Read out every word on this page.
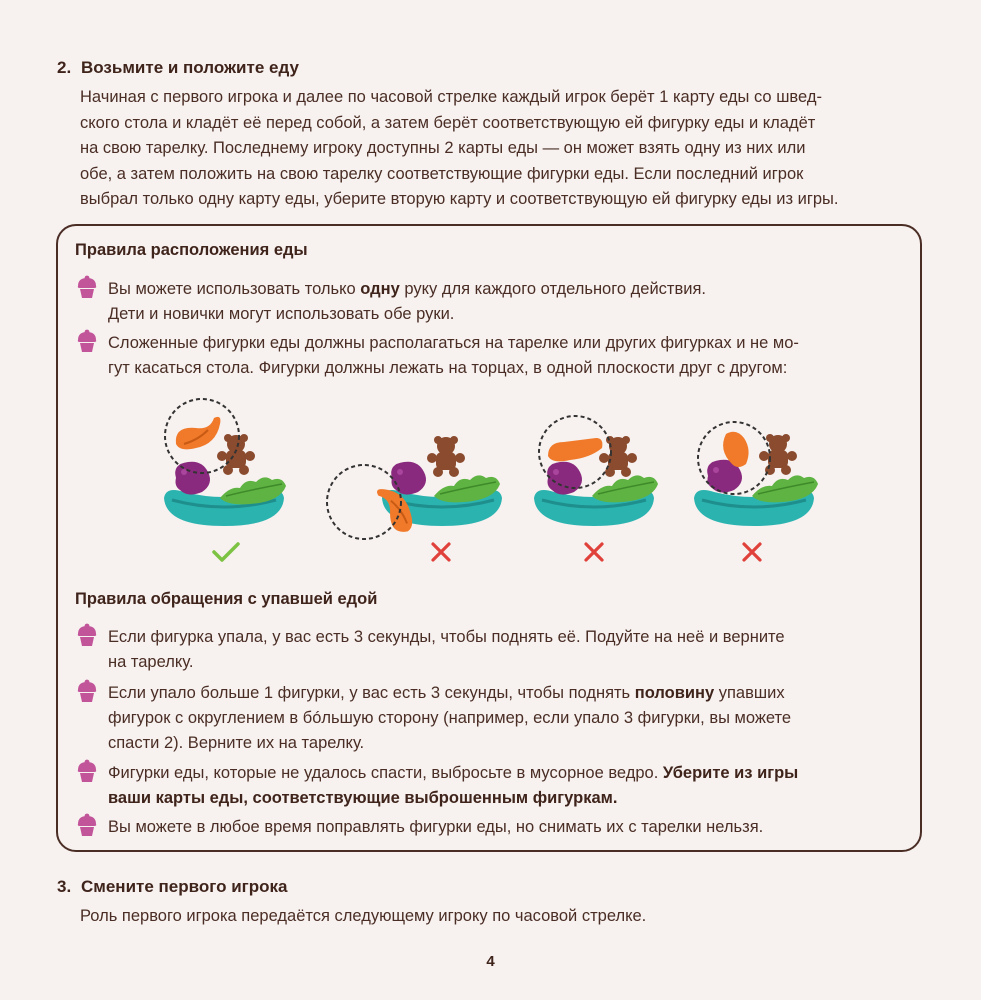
2. Возьмите и положите еду
Начиная с первого игрока и далее по часовой стрелке каждый игрок берёт 1 карту еды со швед-
ского стола и кладёт её перед собой, а затем берёт соответствующую ей фигурку еды и кладёт
на свою тарелку. Последнему игроку доступны 2 карты еды — он может взять одну из них или
обе, а затем положить на свою тарелку соответствующие фигурки еды. Если последний игрок
выбрал только одну карту еды, уберите вторую карту и соответствующую ей фигурку еды из игры.
Правила расположения еды
Вы можете использовать только одну руку для каждого отдельного действия.
Дети и новички могут использовать обе руки.
Сложенные фигурки еды должны располагаться на тарелке или других фигурках и не мо-
гут касаться стола. Фигурки должны лежать на торцах, в одной плоскости друг с другом:
Правила обращения с упавшей едой
Если фигурка упала, у вас есть 3 секунды, чтобы поднять её. Подуйте на неё и верните
на тарелку.
Если упало больше 1 фигурки, у вас есть 3 секунды, чтобы поднять половину упавших
фигурок с округлением в бóльшую сторону (например, если упало 3 фигурки, вы можете
спасти 2). Верните их на тарелку.
Фигурки еды, которые не удалось спасти, выбросьте в мусорное ведро. Уберите из игры
ваши карты еды, соответствующие выброшенным фигуркам.
Вы можете в любое время поправлять фигурки еды, но снимать их с тарелки нельзя.
3. Смените первого игрока
Роль первого игрока передаётся следующему игроку по часовой стрелке.
4
